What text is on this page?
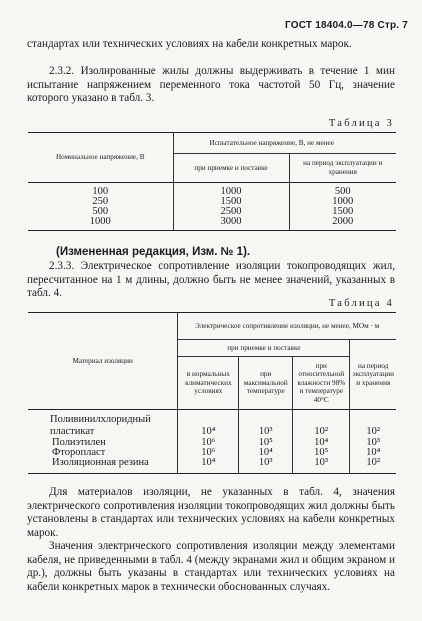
ГОСТ 18404.0—78 Стр. 7
стандартах или технических условиях на кабели конкретных марок.
2.3.2. Изолированные жилы должны выдерживать в течение 1 мин испытание напряжением переменного тока частотой 50 Гц, значение которого указано в табл. 3.
Таблица 3
Номинальное напряжение, В	Испытательное напряжение, В, не менее	
	при приемке и поставке	на период эксплуатации и хранения

100	1000	500
250	1500	1000
500	2500	1500
1000	3000	2000
(Измененная редакция, Изм. № 1).
2.3.3. Электрическое сопротивление изоляции токопроводящих жил, пересчитанное на 1 м длины, должно быть не менее значений, указанных в табл. 4.
Таблица 4
Материал изоляции	Электрическое сопротивление изоляции, не менее, МОм · м			
	при приемке и поставке			на период эксплуатации и хранения
	в нормальных климатических условиях	при максимальной температуре	при относительной влажности 98% и температуре 40°С	

Поливинилхлоридный пластикат	10⁴	10³	10²	10²
Полиэтилен	10⁶	10⁵	10⁴	10³
Фторопласт	10⁶	10⁴	10⁵	10⁴
Изоляционная резина	10⁴	10³	10³	10²
Для материалов изоляции, не указанных в табл. 4, значения электрического сопротивления изоляции токопроводящих жил должны быть установлены в стандартах или технических условиях на кабели конкретных марок.
Значения электрического сопротивления изоляции между элементами кабеля, не приведенными в табл. 4 (между экранами жил и общим экраном и др.), должны быть указаны в стандартах или технических условиях на кабели конкретных марок в технически обоснованных случаях.
